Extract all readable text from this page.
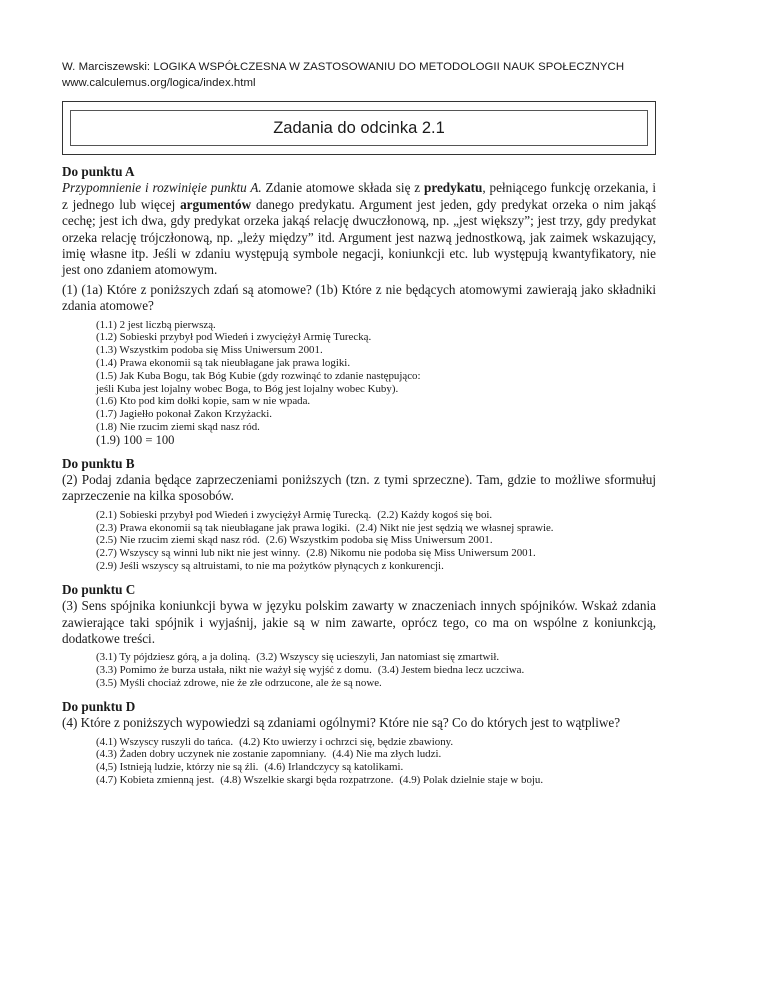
W. Marciszewski: LOGIKA WSPÓŁCZESNA W ZASTOSOWANIU DO METODOLOGII NAUK SPOŁECZNYCH
www.calculemus.org/logica/index.html
Zadania do odcinka 2.1

Do punktu A

Przypomnienie i rozwinięie punktu A. Zdanie atomowe składa się z predykatu, pełniącego funkcję orzekania, i z jednego lub więcej argumentów danego predykatu. Argument jest jeden, gdy predykat orzeka o nim jakąś cechę; jest ich dwa, gdy predykat orzeka jakąś relację dwuczłonową, np. „jest większy”; jest trzy, gdy predykat orzeka relację trójczłonową, np. „leży między” itd. Argument jest nazwą jednostkową, jak zaimek wskazujący, imię własne itp. Jeśli w zdaniu występują symbole negacji, koniunkcji etc. lub występują kwantyfikatory, nie jest ono zdaniem atomowym.

(1) (1a) Które z poniższych zdań są atomowe? (1b) Które z nie będących atomowymi zawierają jako składniki zdania atomowe?

(1.1) 2 jest liczbą pierwszą.
(1.2) Sobieski przybył pod Wiedeń i zwyciężył Armię Turecką.
(1.3) Wszystkim podoba się Miss Uniwersum 2001.
(1.4) Prawa ekonomii są tak nieubłagane jak prawa logiki.
(1.5) Jak Kuba Bogu, tak Bóg Kubie (gdy rozwinąć to zdanie następująco:
jeśli Kuba jest lojalny wobec Boga, to Bóg jest lojalny wobec Kuby).
(1.6) Kto pod kim dołki kopie, sam w nie wpada.
(1.7) Jagiełło pokonał Zakon Krzyżacki.
(1.8) Nie rzucim ziemi skąd nasz ród.
(1.9) 100 = 100

Do punktu B

(2) Podaj zdania będące zaprzeczeniami poniższych (tzn. z tymi sprzeczne). Tam, gdzie to możliwe sformułuj zaprzeczenie na kilka sposobów.

(2.1) Sobieski przybył pod Wiedeń i zwyciężył Armię Turecką. (2.2) Każdy kogoś się boi.
(2.3) Prawa ekonomii są tak nieubłagane jak prawa logiki. (2.4) Nikt nie jest sędzią we własnej sprawie.
(2.5) Nie rzucim ziemi skąd nasz ród. (2.6) Wszystkim podoba się Miss Uniwersum 2001.
(2.7) Wszyscy są winni lub nikt nie jest winny. (2.8) Nikomu nie podoba się Miss Uniwersum 2001.
(2.9) Jeśli wszyscy są altruistami, to nie ma pożytków płynących z konkurencji.

Do punktu C

(3) Sens spójnika koniunkcji bywa w języku polskim zawarty w znaczeniach innych spójników. Wskaż zdania zawierające taki spójnik i wyjaśnij, jakie są w nim zawarte, oprócz tego, co ma on wspólne z koniunkcją, dodatkowe treści.

(3.1) Ty pójdziesz górą, a ja doliną. (3.2) Wszyscy się ucieszyli, Jan natomiast się zmartwił.
(3.3) Pomimo że burza ustała, nikt nie ważył się wyjść z domu. (3.4) Jestem biedna lecz uczciwa.
(3.5) Myśli chociaż zdrowe, nie że złe odrzucone, ale że są nowe.

Do punktu D

(4) Które z poniższych wypowiedzi są zdaniami ogólnymi? Które nie są? Co do których jest to wątpliwe?

(4.1) Wszyscy ruszyli do tańca. (4.2) Kto uwierzy i ochrzci się, będzie zbawiony.
(4.3) Żaden dobry uczynek nie zostanie zapomniany. (4.4) Nie ma złych ludzi.
(4,5) Istnieją ludzie, którzy nie są źli. (4.6) Irlandczycy są katolikami.
(4.7) Kobieta zmienną jest. (4.8) Wszelkie skargi będa rozpatrzone. (4.9) Polak dzielnie staje w boju.
